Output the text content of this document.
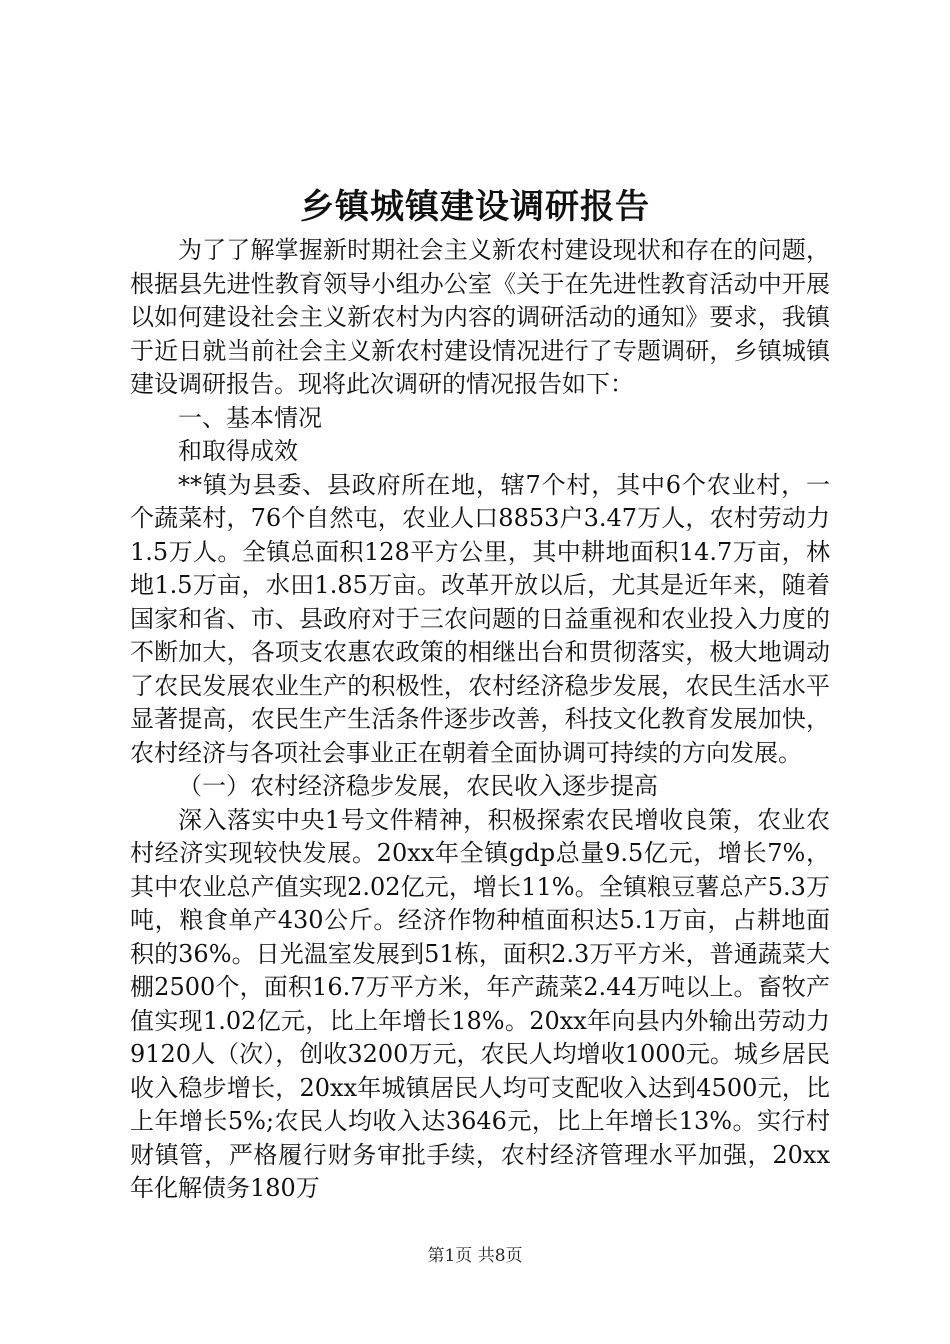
乡镇城镇建设调研报告

为了了解掌握新时期社会主义新农村建设现状和存在的问题，根据县先进性教育领导小组办公室《关于在先进性教育活动中开展以如何建设社会主义新农村为内容的调研活动的通知》要求，我镇于近日就当前社会主义新农村建设情况进行了专题调研，乡镇城镇建设调研报告。现将此次调研的情况报告如下：

一、基本情况

和取得成效

**镇为县委、县政府所在地，辖7个村，其中6个农业村，一个蔬菜村，76个自然屯，农业人口8853户3.47万人，农村劳动力1.5万人。全镇总面积128平方公里，其中耕地面积14.7万亩，林地1.5万亩，水田1.85万亩。改革开放以后，尤其是近年来，随着国家和省、市、县政府对于三农问题的日益重视和农业投入力度的不断加大，各项支农惠农政策的相继出台和贯彻落实，极大地调动了农民发展农业生产的积极性，农村经济稳步发展，农民生活水平显著提高，农民生产生活条件逐步改善，科技文化教育发展加快，农村经济与各项社会事业正在朝着全面协调可持续的方向发展。

（一）农村经济稳步发展，农民收入逐步提高

深入落实中央1号文件精神，积极探索农民增收良策，农业农村经济实现较快发展。20xx年全镇gdp总量9.5亿元，增长7%，其中农业总产值实现2.02亿元，增长11%。全镇粮豆薯总产5.3万吨，粮食单产430公斤。经济作物种植面积达5.1万亩，占耕地面积的36%。日光温室发展到51栋，面积2.3万平方米，普通蔬菜大棚2500个，面积16.7万平方米，年产蔬菜2.44万吨以上。畜牧产值实现1.02亿元，比上年增长18%。20xx年向县内外输出劳动力9120人（次），创收3200万元，农民人均增收1000元。城乡居民收入稳步增长，20xx年城镇居民人均可支配收入达到4500元，比上年增长5%;农民人均收入达3646元，比上年增长13%。实行村财镇管，严格履行财务审批手续，农村经济管理水平加强，20xx年化解债务180万

第1页 共8页
